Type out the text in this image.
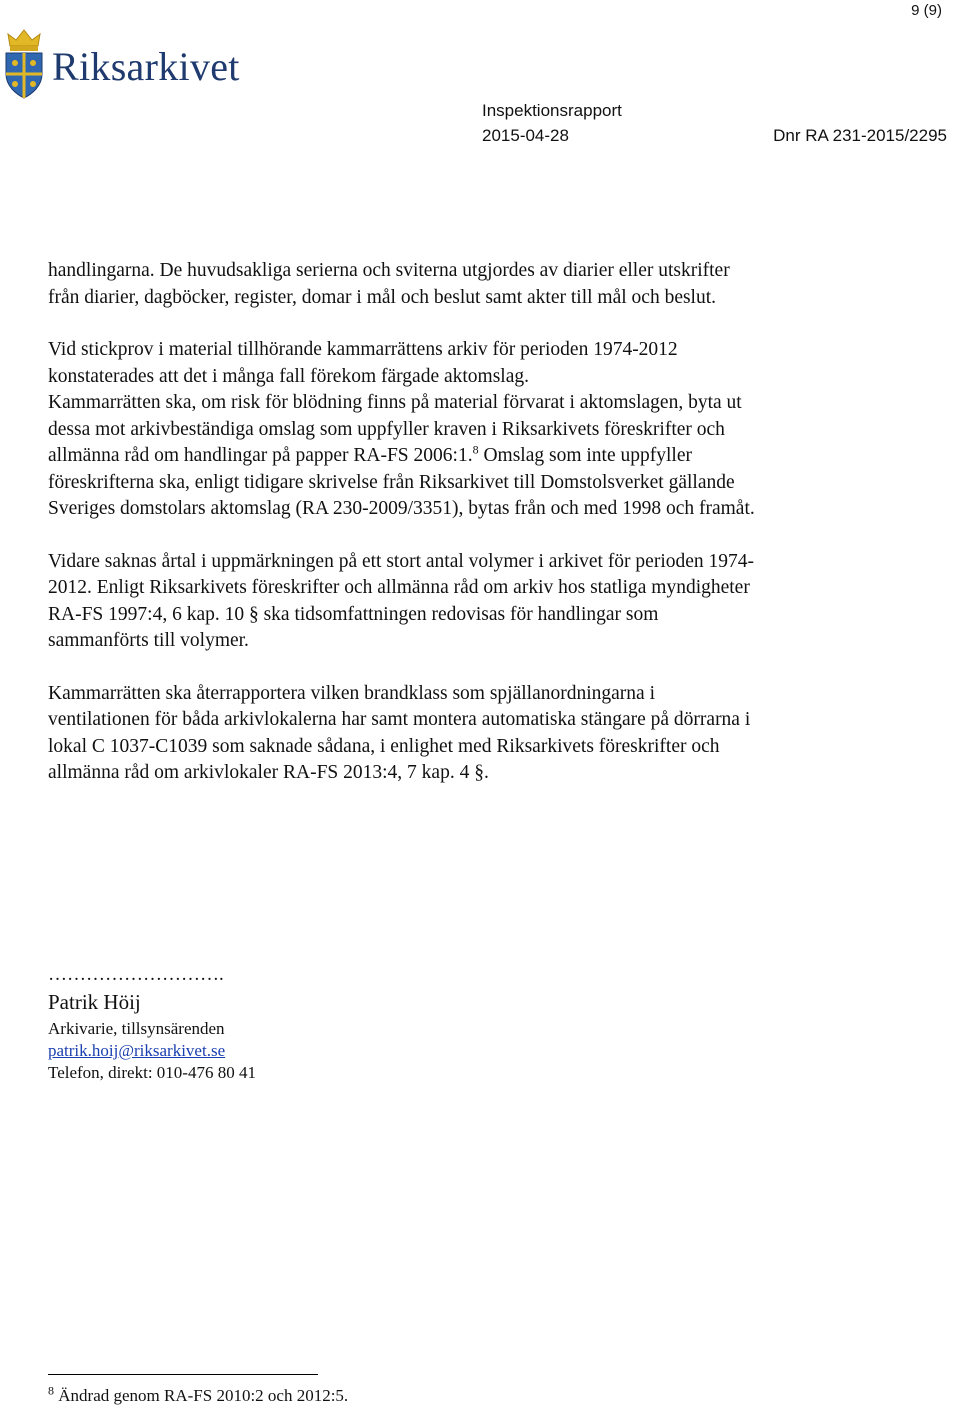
9 (9)
Riksarkivet
Inspektionsrapport
2015-04-28	Dnr RA 231-2015/2295

handlingarna. De huvudsakliga serierna och sviterna utgjordes av diarier eller utskrifter från diarier, dagböcker, register, domar i mål och beslut samt akter till mål och beslut.

Vid stickprov i material tillhörande kammarrättens arkiv för perioden 1974-2012 konstaterades att det i många fall förekom färgade aktomslag.

Kammarrätten ska, om risk för blödning finns på material förvarat i aktomslagen, byta ut dessa mot arkivbeständiga omslag som uppfyller kraven i Riksarkivets föreskrifter och allmänna råd om handlingar på papper RA-FS 2006:1.$^8$ Omslag som inte uppfyller föreskrifterna ska, enligt tidigare skrivelse från Riksarkivet till Domstolsverket gällande Sveriges domstolars aktomslag (RA 230-2009/3351), bytas från och med 1998 och framåt.

Vidare saknas årtal i uppmärkningen på ett stort antal volymer i arkivet för perioden 1974-2012. Enligt Riksarkivets föreskrifter och allmänna råd om arkiv hos statliga myndigheter RA-FS 1997:4, 6 kap. 10 § ska tidsomfattningen redovisas för handlingar som sammanförts till volymer.

Kammarrätten ska återrapportera vilken brandklass som spjällanordningarna i ventilationen för båda arkivlokalerna har samt montera automatiska stängare på dörrarna i lokal C 1037-C1039 som saknade sådana, i enlighet med Riksarkivets föreskrifter och allmänna råd om arkivlokaler RA-FS 2013:4, 7 kap. 4 §.

……………………….
Patrik Höij
Arkivarie, tillsynsärenden
patrik.hoij@riksarkivet.se
Telefon, direkt: 010-476 80 41
$^8$ Ändrad genom RA-FS 2010:2 och 2012:5.
